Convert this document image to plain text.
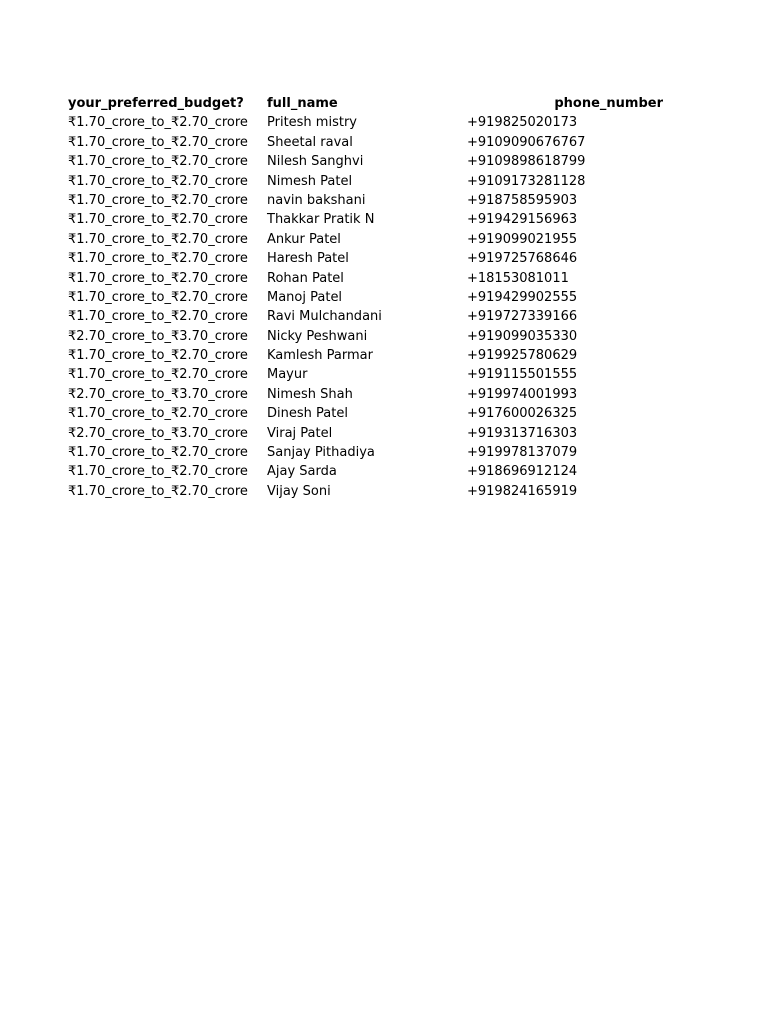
your_preferred_budget?	full_name	phone_number
₹1.70_crore_to_₹2.70_crore	Pritesh mistry	+919825020173
₹1.70_crore_to_₹2.70_crore	Sheetal raval	+9109090676767
₹1.70_crore_to_₹2.70_crore	Nilesh Sanghvi	+9109898618799
₹1.70_crore_to_₹2.70_crore	Nimesh Patel	+9109173281128
₹1.70_crore_to_₹2.70_crore	navin bakshani	+918758595903
₹1.70_crore_to_₹2.70_crore	Thakkar Pratik N	+919429156963
₹1.70_crore_to_₹2.70_crore	Ankur Patel	+919099021955
₹1.70_crore_to_₹2.70_crore	Haresh Patel	+919725768646
₹1.70_crore_to_₹2.70_crore	Rohan Patel	+18153081011
₹1.70_crore_to_₹2.70_crore	Manoj Patel	+919429902555
₹1.70_crore_to_₹2.70_crore	Ravi Mulchandani	+919727339166
₹2.70_crore_to_₹3.70_crore	Nicky Peshwani	+919099035330
₹1.70_crore_to_₹2.70_crore	Kamlesh Parmar	+919925780629
₹1.70_crore_to_₹2.70_crore	Mayur	+919115501555
₹2.70_crore_to_₹3.70_crore	Nimesh Shah	+919974001993
₹1.70_crore_to_₹2.70_crore	Dinesh Patel	+917600026325
₹2.70_crore_to_₹3.70_crore	Viraj Patel	+919313716303
₹1.70_crore_to_₹2.70_crore	Sanjay Pithadiya	+919978137079
₹1.70_crore_to_₹2.70_crore	Ajay Sarda	+918696912124
₹1.70_crore_to_₹2.70_crore	Vijay Soni	+919824165919
